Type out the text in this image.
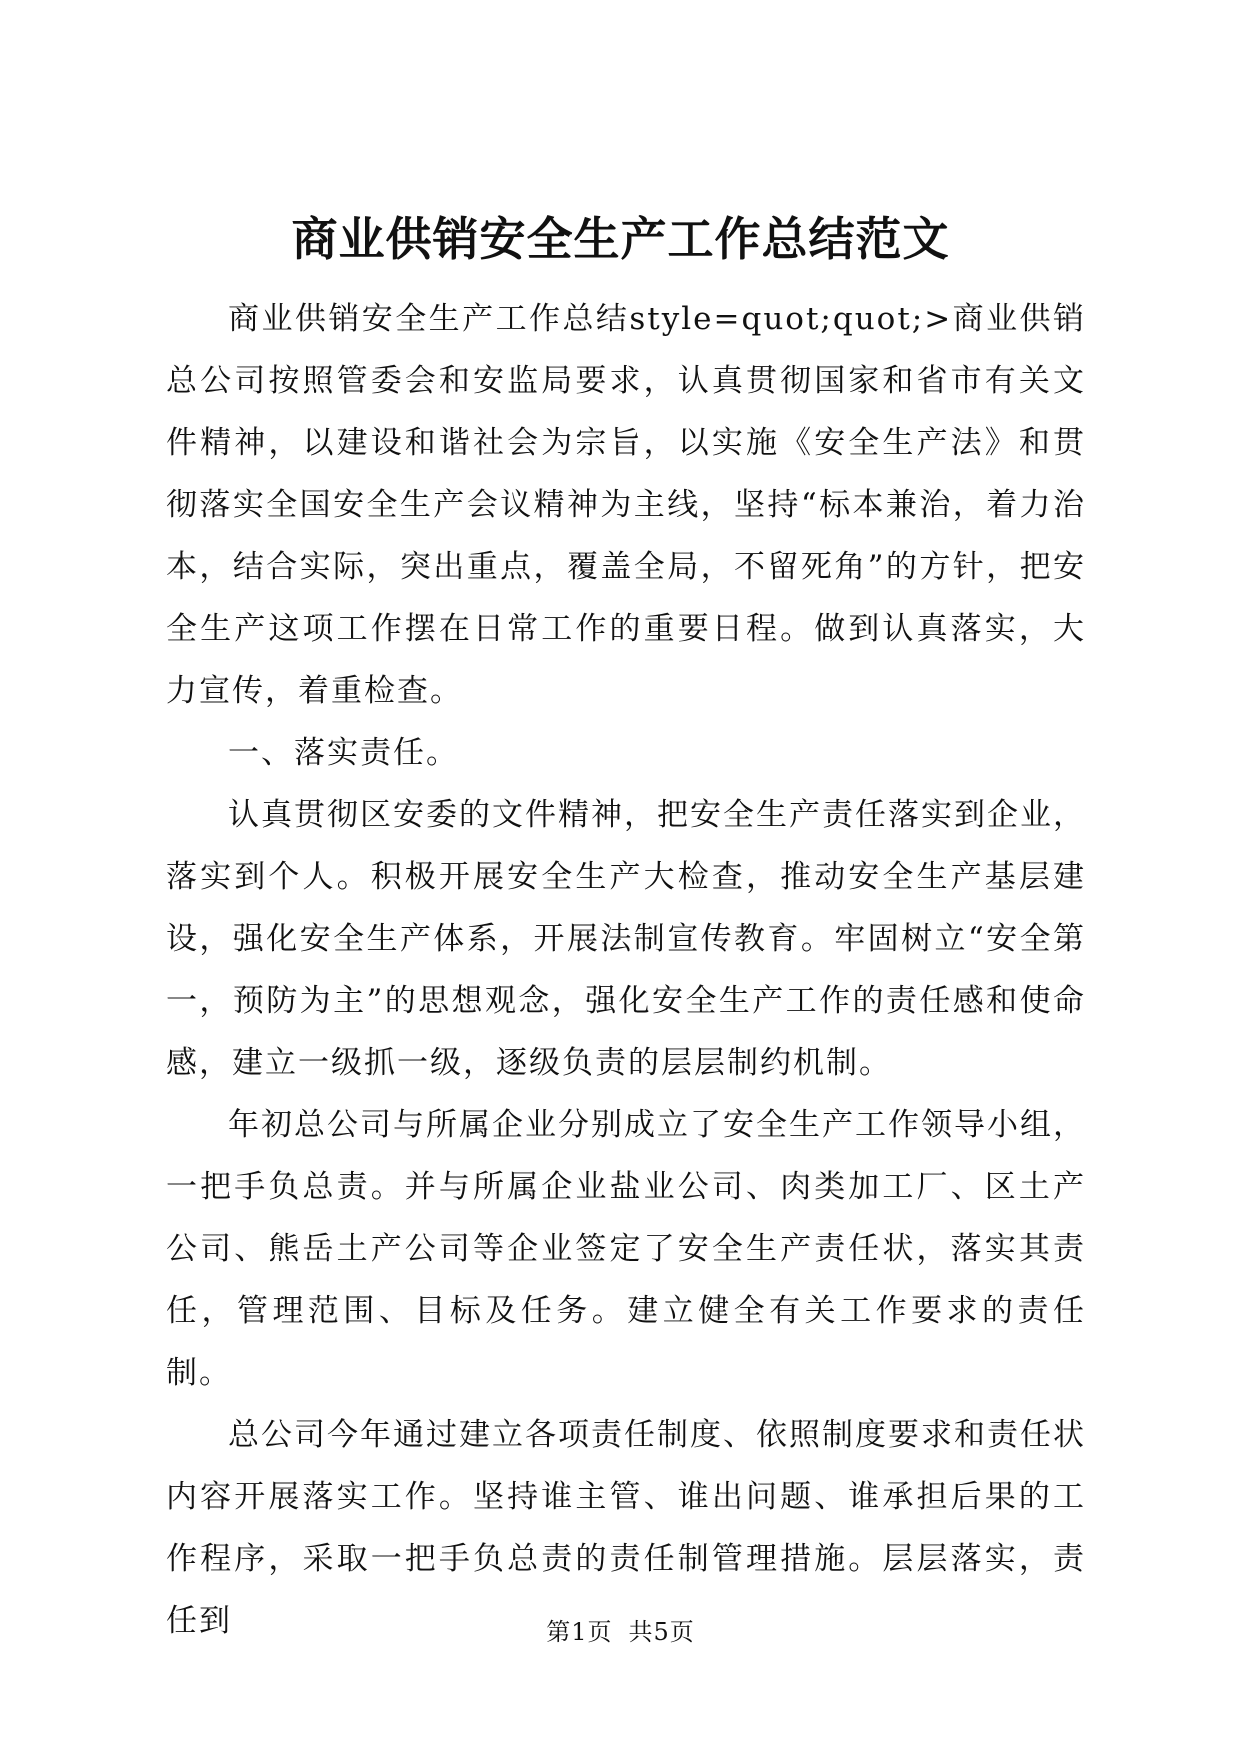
商业供销安全生产工作总结范文

商业供销安全生产工作总结style=quot;quot;>商业供销总公司按照管委会和安监局要求，认真贯彻国家和省市有关文件精神，以建设和谐社会为宗旨，以实施《安全生产法》和贯彻落实全国安全生产会议精神为主线，坚持“标本兼治，着力治本，结合实际，突出重点，覆盖全局，不留死角”的方针，把安全生产这项工作摆在日常工作的重要日程。做到认真落实，大力宣传，着重检查。

一、落实责任。

认真贯彻区安委的文件精神，把安全生产责任落实到企业，落实到个人。积极开展安全生产大检查，推动安全生产基层建设，强化安全生产体系，开展法制宣传教育。牢固树立“安全第一，预防为主”的思想观念，强化安全生产工作的责任感和使命感，建立一级抓一级，逐级负责的层层制约机制。

年初总公司与所属企业分别成立了安全生产工作领导小组，一把手负总责。并与所属企业盐业公司、肉类加工厂、区土产公司、熊岳土产公司等企业签定了安全生产责任状，落实其责任，管理范围、目标及任务。建立健全有关工作要求的责任制。

总公司今年通过建立各项责任制度、依照制度要求和责任状内容开展落实工作。坚持谁主管、谁出问题、谁承担后果的工作程序，采取一把手负总责的责任制管理措施。层层落实，责任到	第1页 共5页
